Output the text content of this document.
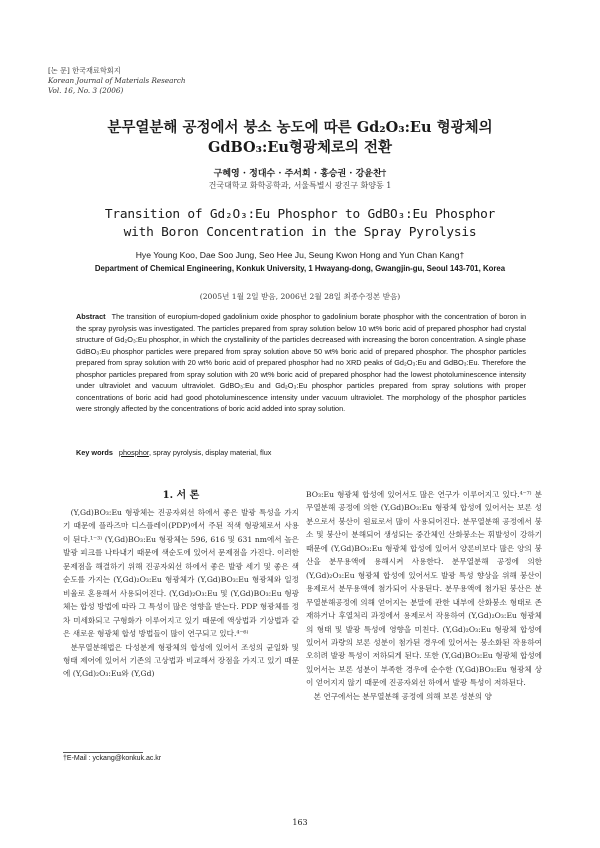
[논 문] 한국재료학회지
Korean Journal of Materials Research
Vol. 16, No. 3 (2006)
분무열분해 공정에서 붕소 농도에 따른 Gd₂O₃:Eu 형광체의
GdBO₃:Eu형광체로의 전환
구혜영 · 정대수 · 주서희 · 홍승권 · 강윤찬†
건국대학교 화학공학과, 서울특별시 광진구 화양동 1
Transition of Gd₂O₃:Eu Phosphor to GdBO₃:Eu Phosphor
with Boron Concentration in the Spray Pyrolysis
Hye Young Koo, Dae Soo Jung, Seo Hee Ju, Seung Kwon Hong and Yun Chan Kang†
Department of Chemical Engineering, Konkuk University, 1 Hwayang-dong, Gwangjin-gu, Seoul 143-701, Korea
(2005년 1월 2일 받음, 2006년 2월 28일 최종수정본 받음)
Abstract The transition of europium-doped gadolinium oxide phosphor to gadolinium borate phosphor with the concentration of boron in the spray pyrolysis was investigated. The particles prepared from spray solution below 10 wt% boric acid of prepared phosphor had crystal structure of Gd₂O₃:Eu phosphor, in which the crystallinity of the particles decreased with increasing the boron concentration. A single phase GdBO₃:Eu phosphor particles were prepared from spray solution above 50 wt% boric acid of prepared phosphor. The phosphor particles prepared from spray solution with 20 wt% boric acid of prepared phosphor had no XRD peaks of Gd₂O₃:Eu and GdBO₃:Eu. Therefore the phosphor particles prepared from spray solution with 20 wt% boric acid of prepared phosphor had the lowest photoluminescence intensity under ultraviolet and vacuum ultraviolet. GdBO₃:Eu and Gd₂O₃:Eu phosphor particles prepared from spray solutions with proper concentrations of boric acid had good photoluminescence intensity under vacuum ultraviolet. The morphology of the phosphor particles were strongly affected by the concentrations of boric acid added into spray solution.
Key words phosphor, spray pyrolysis, display material, flux
1. 서 론

(Y,Gd)BO₃:Eu 형광체는 진공자외선 하에서 좋은 발광 특성을 가지기 때문에 플라즈마 디스플레이(PDP)에서 주된 적색 형광체로서 사용이 된다.¹⁻³⁾ (Y,Gd)BO₃:Eu 형광체는 596, 616 및 631 nm에서 높은 발광 피크를 나타내기 때문에 색순도에 있어서 문제점을 가진다. 이러한 문제점을 해결하기 위해 진공자외선 하에서 좋은 발광 세기 및 좋은 색순도를 가지는 (Y,Gd)₂O₃:Eu 형광체가 (Y,Gd)BO₃:Eu 형광체와 일정 비율로 혼용해서 사용되어진다. (Y,Gd)₂O₃:Eu 및 (Y,Gd)BO₃:Eu 형광체는 합성 방법에 따라 그 특성이 많은 영향을 받는다. PDP 형광체를 정차 미세화되고 구형화가 이루어지고 있기 때문에 액상법과 기상법과 같은 새로운 형광체 합성 방법들이 많이 연구되고 있다.⁴⁻⁶⁾

분무열분해법은 다성분계 형광체의 합성에 있어서 조성의 균일화 및 형태 제어에 있어서 기존의 고상법과 비교해서 장점을 가지고 있기 때문에 (Y,Gd)₂O₃:Eu와 (Y,Gd)

BO₃:Eu 형광체 합성에 있어서도 많은 연구가 이루어지고 있다.⁴⁻⁷⁾ 분무열분해 공정에 의한 (Y,Gd)BO₃:Eu 형광체 합성에 있어서는 보론 성분으로서 붕산이 원료로서 많이 사용되어진다. 분무열분해 공정에서 붕소 및 붕산이 분해되어 생성되는 중간체인 산화붕소는 휘발성이 강하기 때문에 (Y,Gd)BO₃:Eu 형광체 합성에 있어서 양론비보다 많은 양의 붕산을 분무용액에 용해시켜 사용한다. 분무열분해 공정에 의한 (Y,Gd)₂O₃:Eu 형광체 합성에 있어서도 발광 특성 향상을 위해 붕산이 용제로서 분무용액에 첨가되어 사용된다. 분무용액에 첨가된 붕산은 분무열분해공정에 의해 얻어지는 분말에 관한 내부에 산화붕소 형태로 존재하거나 후열처리 과정에서 용제로서 작용하여 (Y,Gd)₂O₃:Eu 형광체의 형태 및 발광 특성에 영향을 미친다. (Y,Gd)₂O₃:Eu 형광체 합성에 있어서 과량의 보론 성분이 첨가된 경우에 있어서는 붕소화된 작용하여 오히려 발광 특성이 저하되게 된다. 또한 (Y,Gd)BO₃:Eu 형광체 합성에 있어서는 보론 성분이 부족한 경우에 순수한 (Y,Gd)BO₃:Eu 형광체 상이 얻어지지 않기 때문에 진공자외선 하에서 발광 특성이 저하된다.

본 연구에서는 분무열분해 공정에 의해 보론 성분의 양

†E-Mail : yckang@konkuk.ac.kr
163
